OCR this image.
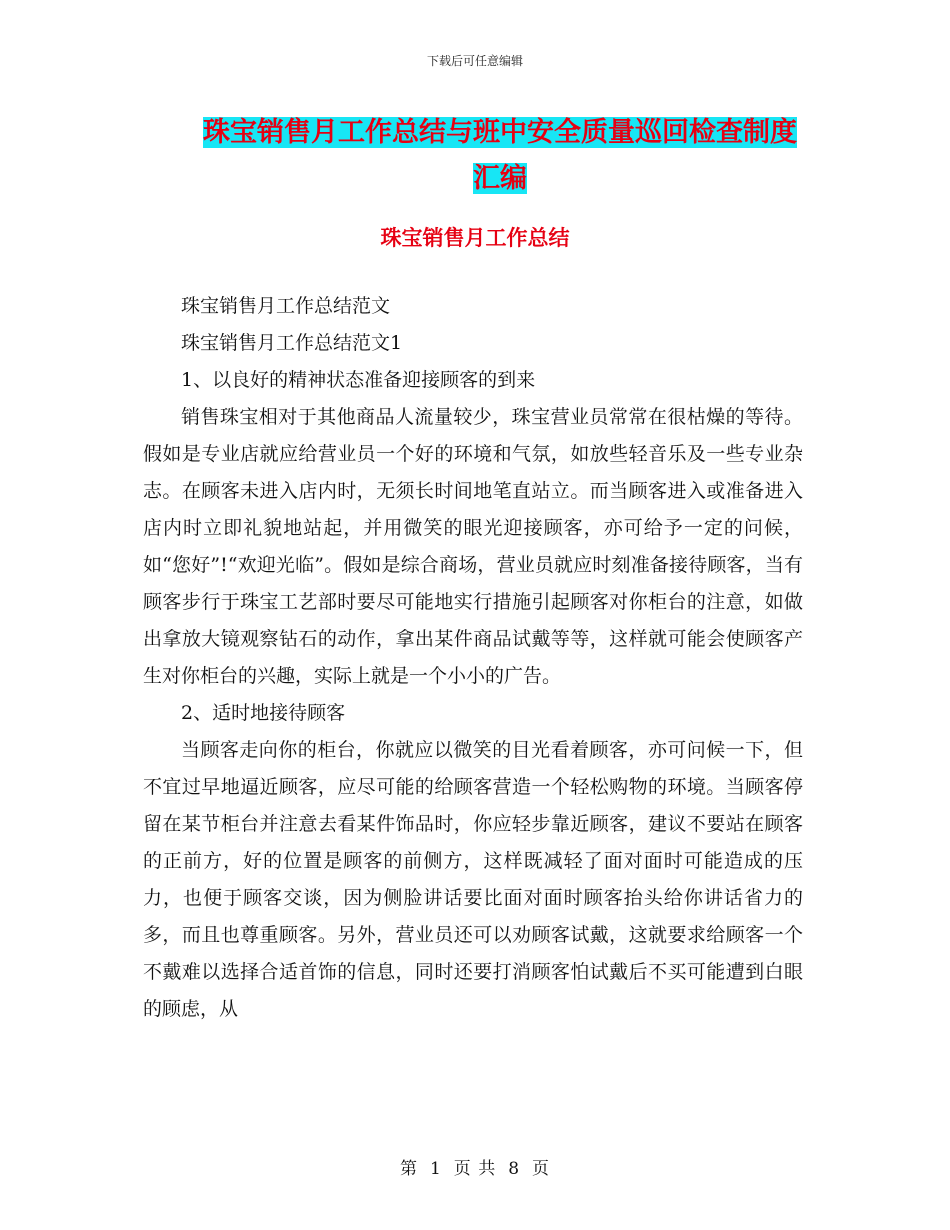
下载后可任意编辑
珠宝销售月工作总结与班中安全质量巡回检查制度汇编
珠宝销售月工作总结

珠宝销售月工作总结范文

珠宝销售月工作总结范文1

1、以良好的精神状态准备迎接顾客的到来

销售珠宝相对于其他商品人流量较少，珠宝营业员常常在很枯燥的等待。假如是专业店就应给营业员一个好的环境和气氛，如放些轻音乐及一些专业杂志。在顾客未进入店内时，无须长时间地笔直站立。而当顾客进入或准备进入店内时立即礼貌地站起，并用微笑的眼光迎接顾客，亦可给予一定的问候，如“您好”!“欢迎光临”。假如是综合商场，营业员就应时刻准备接待顾客，当有顾客步行于珠宝工艺部时要尽可能地实行措施引起顾客对你柜台的注意，如做出拿放大镜观察钻石的动作，拿出某件商品试戴等等，这样就可能会使顾客产生对你柜台的兴趣，实际上就是一个小小的广告。

2、适时地接待顾客

当顾客走向你的柜台，你就应以微笑的目光看着顾客，亦可问候一下，但不宜过早地逼近顾客，应尽可能的给顾客营造一个轻松购物的环境。当顾客停留在某节柜台并注意去看某件饰品时，你应轻步靠近顾客，建议不要站在顾客的正前方，好的位置是顾客的前侧方，这样既减轻了面对面时可能造成的压力，也便于顾客交谈，因为侧脸讲话要比面对面时顾客抬头给你讲话省力的多，而且也尊重顾客。另外，营业员还可以劝顾客试戴，这就要求给顾客一个不戴难以选择合适首饰的信息，同时还要打消顾客怕试戴后不买可能遭到白眼的顾虑，从

第 1 页 共 8 页
